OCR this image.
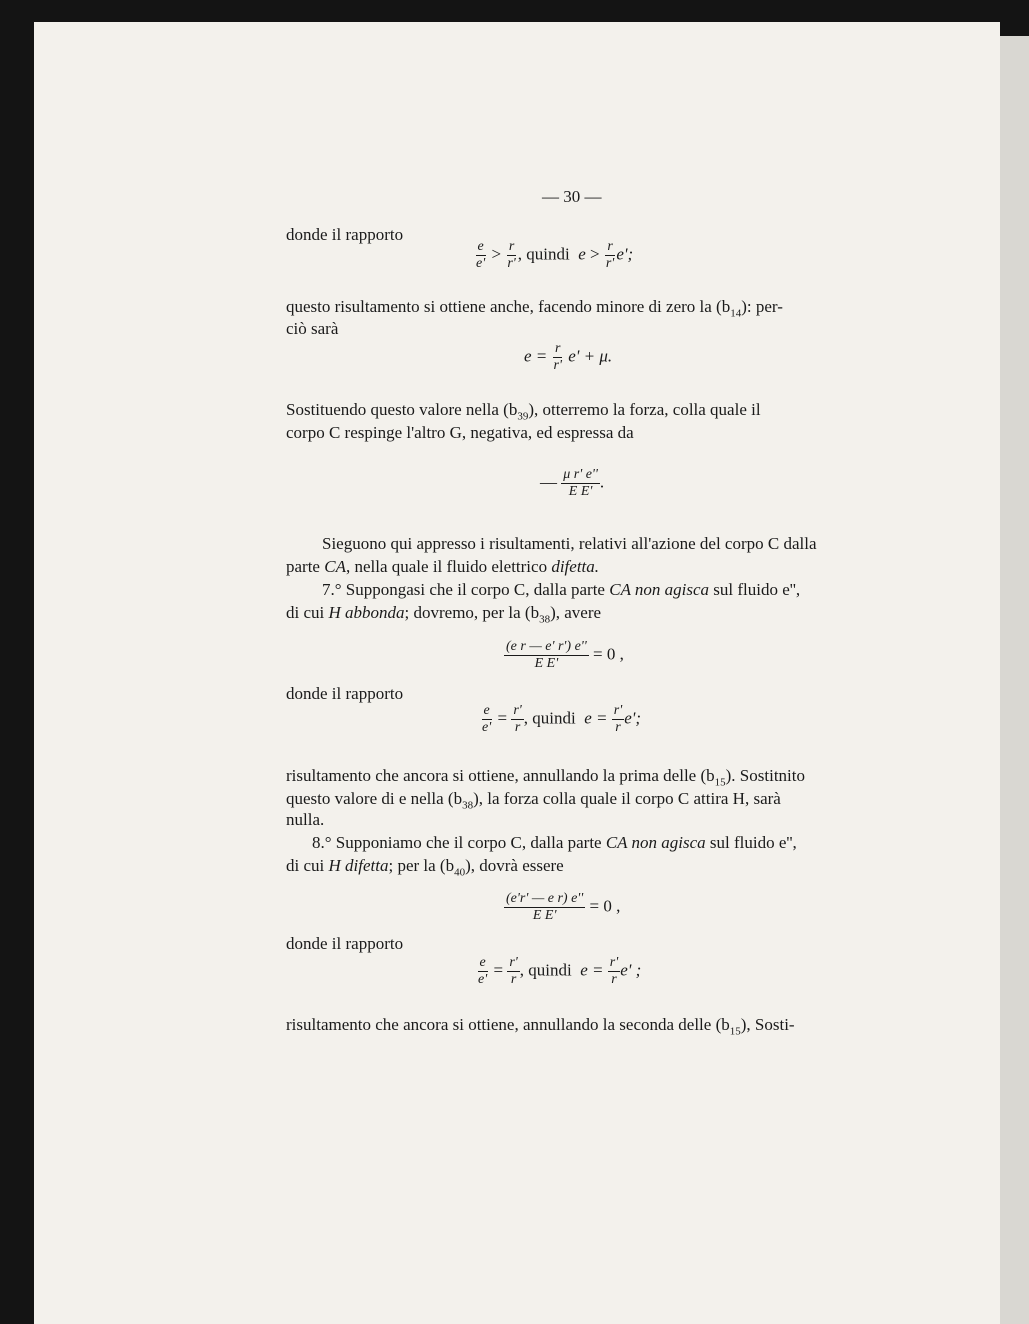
— 30 —
donde il rapporto
$\frac{e}{e'} > \frac{r}{r'}$ , quindi $e > \frac{r}{r'} e'$;
questo risultamento si ottiene anche, facendo minore di zero la $(b_{14})$: per-
ciò sarà
$e = \frac{r}{r'} e' + \mu$.
Sostituendo questo valore nella $(b_{39})$, otterremo la forza, colla quale il
corpo C respinge l'altro G, negativa, ed espressa da
— $\frac{\text{μ r' e''}}{\text{E E'}}$ .
Sieguono qui appresso i risultamenti, relativi all'azione del corpo C dalla
parte CA, nella quale il fluido elettrico difetta.
7.° Suppongasi che il corpo C, dalla parte CA non agisca sul fluido e'',
di cui H abbonda; dovremo, per la $(b_{38})$, avere
$\frac{\text{(e r — e' r') e''}}{\text{E E'}} = 0$ ,
donde il rapporto
$\frac{e}{e'} = \frac{r'}{r}$ , quindi $e = \frac{r'}{r} e'$;
risultamento che ancora si ottiene, annullando la prima delle $(b_{15})$. Sostitnito
questo valore di e nella $(b_{38})$, la forza colla quale il corpo C attira H, sarà
nulla.
8.° Supponiamo che il corpo C, dalla parte CA non agisca sul fluido e'',
di cui H difetta; per la $(b_{40})$, dovrà essere
$\frac{\text{(e'r' — e r) e''}}{\text{E E'}} = 0$ ,
donde il rapporto
$\frac{e}{e'} = \frac{r'}{r}$ , quindi $e = \frac{r'}{r} e'$ ;
risultamento che ancora si ottiene, annullando la seconda delle $(b_{15})$, Sosti-
